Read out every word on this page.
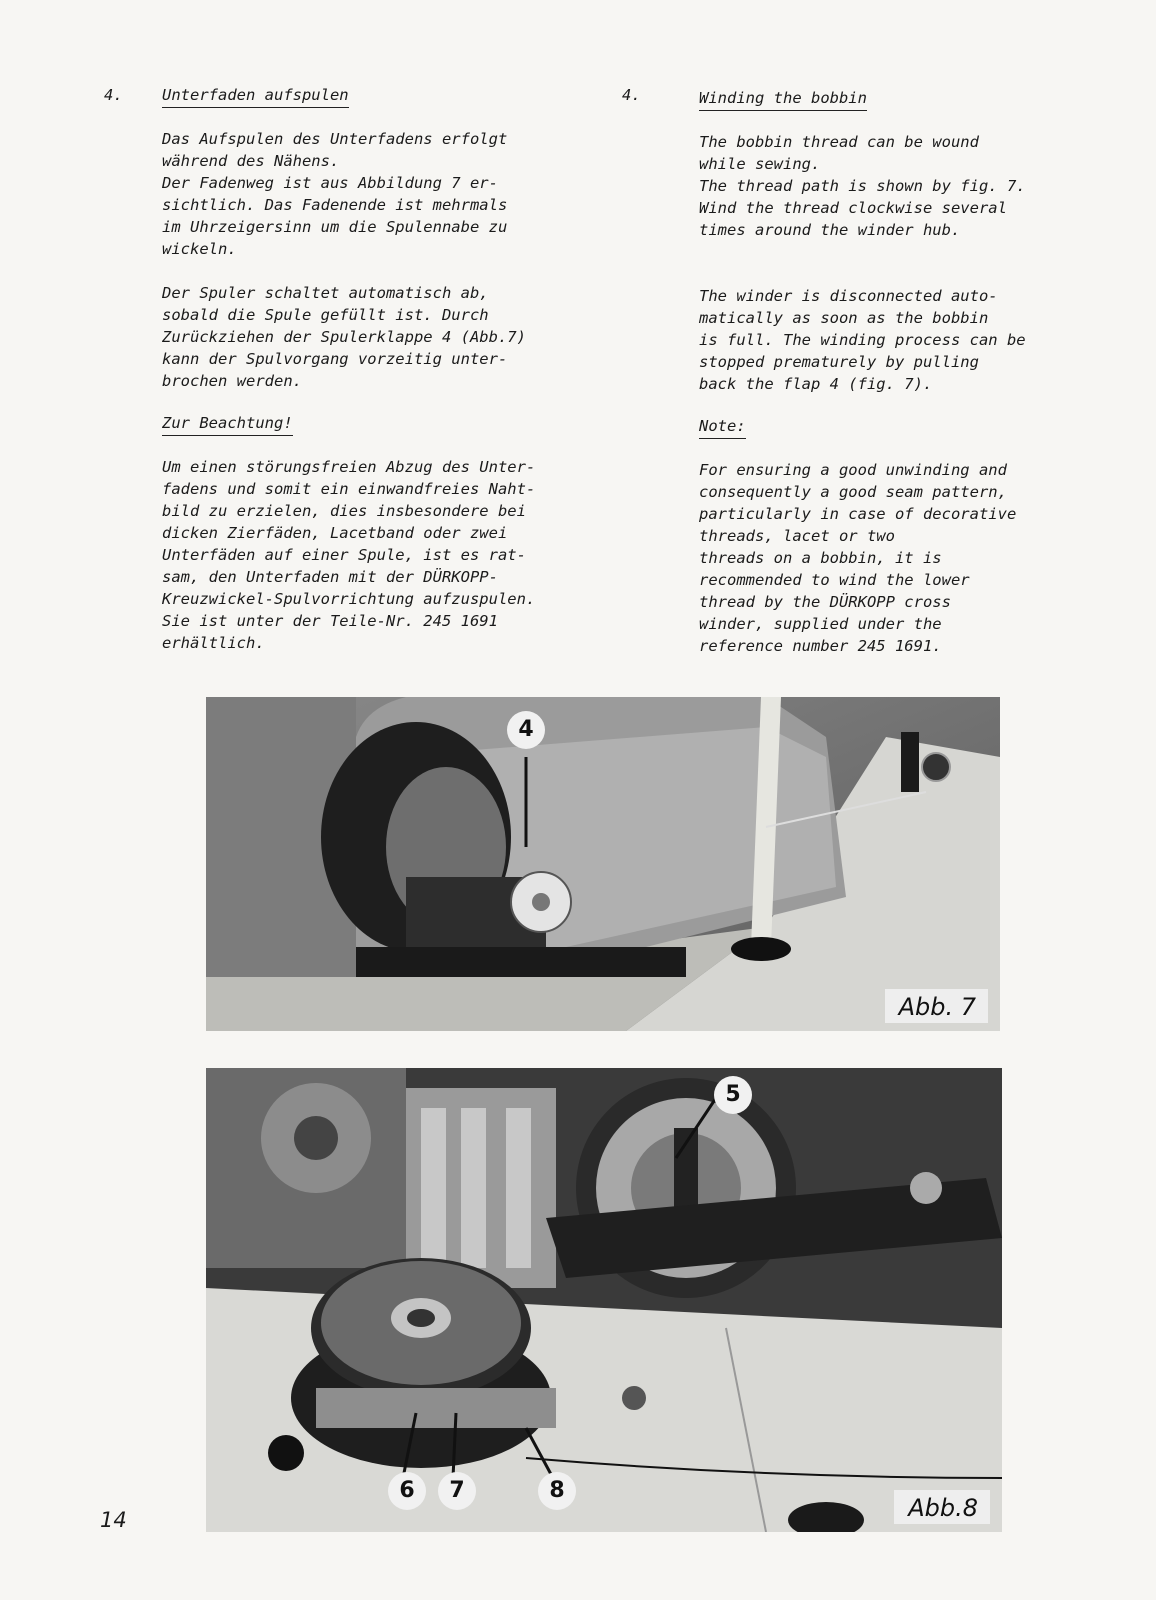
4.	Unterfaden aufspulen

Das Aufspulen des Unterfadens erfolgt
während des Nähens.
Der Fadenweg ist aus Abbildung 7 er-
sichtlich. Das Fadenende ist mehrmals
im Uhrzeigersinn um die Spulennabe zu
wickeln.

Der Spuler schaltet automatisch ab,
sobald die Spule gefüllt ist. Durch
Zurückziehen der Spulerklappe 4 (Abb.7)
kann der Spulvorgang vorzeitig unter-
brochen werden.

Zur Beachtung!

Um einen störungsfreien Abzug des Unter-
fadens und somit ein einwandfreies Naht-
bild zu erzielen, dies insbesondere bei
dicken Zierfäden, Lacetband oder zwei
Unterfäden auf einer Spule, ist es rat-
sam, den Unterfaden mit der DÜRKOPP-
Kreuzwickel-Spulvorrichtung aufzuspulen.
Sie ist unter der Teile-Nr. 245 1691
erhältlich.

4.	Winding the bobbin

The bobbin thread can be wound
while sewing.
The thread path is shown by fig. 7.
Wind the thread clockwise several
times around the winder hub.

The winder is disconnected auto-
matically as soon as the bobbin
is full. The winding process can be
stopped prematurely by pulling
back the flap 4 (fig. 7).

Note:

For ensuring a good unwinding and
consequently a good seam pattern,
particularly in case of decorative
threads, lacet or two
threads on a bobbin, it is
recommended to wind the lower
thread by the DÜRKOPP cross
winder, supplied under the
reference number 245 1691.

4
Abb. 7
5
6	7	8
Abb.8
14
